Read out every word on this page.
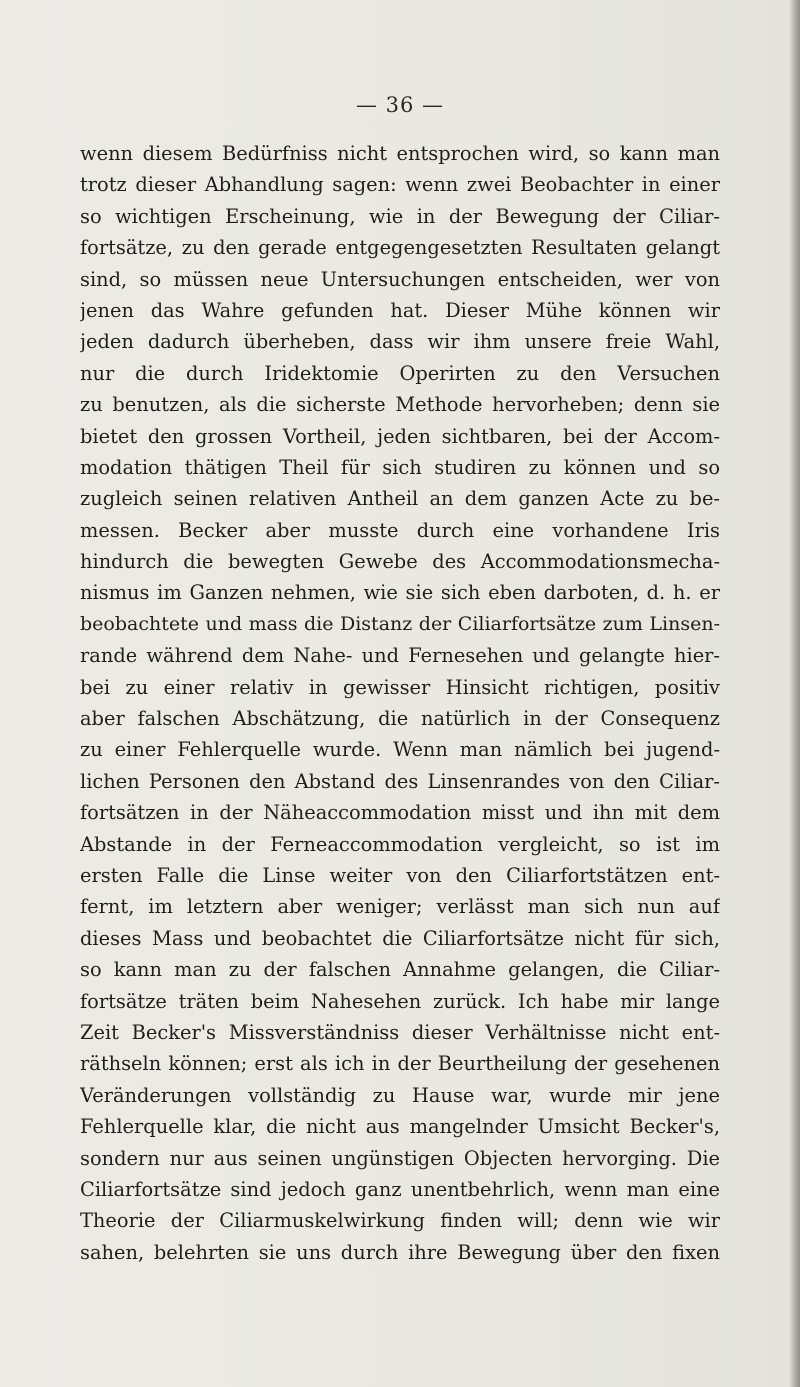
— 36 —
wenn diesem Bedürfniss nicht entsprochen wird, so kann man
trotz dieser Abhandlung sagen: wenn zwei Beobachter in einer
so wichtigen Erscheinung, wie in der Bewegung der Ciliar-
fortsätze, zu den gerade entgegengesetzten Resultaten gelangt
sind, so müssen neue Untersuchungen entscheiden, wer von
jenen das Wahre gefunden hat. Dieser Mühe können wir
jeden dadurch überheben, dass wir ihm unsere freie Wahl,
nur die durch Iridektomie Operirten zu den Versuchen
zu benutzen, als die sicherste Methode hervorheben; denn sie
bietet den grossen Vortheil, jeden sichtbaren, bei der Accom-
modation thätigen Theil für sich studiren zu können und so
zugleich seinen relativen Antheil an dem ganzen Acte zu be-
messen. Becker aber musste durch eine vorhandene Iris
hindurch die bewegten Gewebe des Accommodationsmecha-
nismus im Ganzen nehmen, wie sie sich eben darboten, d. h. er
beobachtete und mass die Distanz der Ciliarfortsätze zum Linsen-
rande während dem Nahe- und Fernesehen und gelangte hier-
bei zu einer relativ in gewisser Hinsicht richtigen, positiv
aber falschen Abschätzung, die natürlich in der Consequenz
zu einer Fehlerquelle wurde. Wenn man nämlich bei jugend-
lichen Personen den Abstand des Linsenrandes von den Ciliar-
fortsätzen in der Näheaccommodation misst und ihn mit dem
Abstande in der Ferneaccommodation vergleicht, so ist im
ersten Falle die Linse weiter von den Ciliarfortstätzen ent-
fernt, im letztern aber weniger; verlässt man sich nun auf
dieses Mass und beobachtet die Ciliarfortsätze nicht für sich,
so kann man zu der falschen Annahme gelangen, die Ciliar-
fortsätze träten beim Nahesehen zurück. Ich habe mir lange
Zeit Becker's Missverständniss dieser Verhältnisse nicht ent-
räthseln können; erst als ich in der Beurtheilung der gesehenen
Veränderungen vollständig zu Hause war, wurde mir jene
Fehlerquelle klar, die nicht aus mangelnder Umsicht Becker's,
sondern nur aus seinen ungünstigen Objecten hervorging. Die
Ciliarfortsätze sind jedoch ganz unentbehrlich, wenn man eine
Theorie der Ciliarmuskelwirkung finden will; denn wie wir
sahen, belehrten sie uns durch ihre Bewegung über den fixen
